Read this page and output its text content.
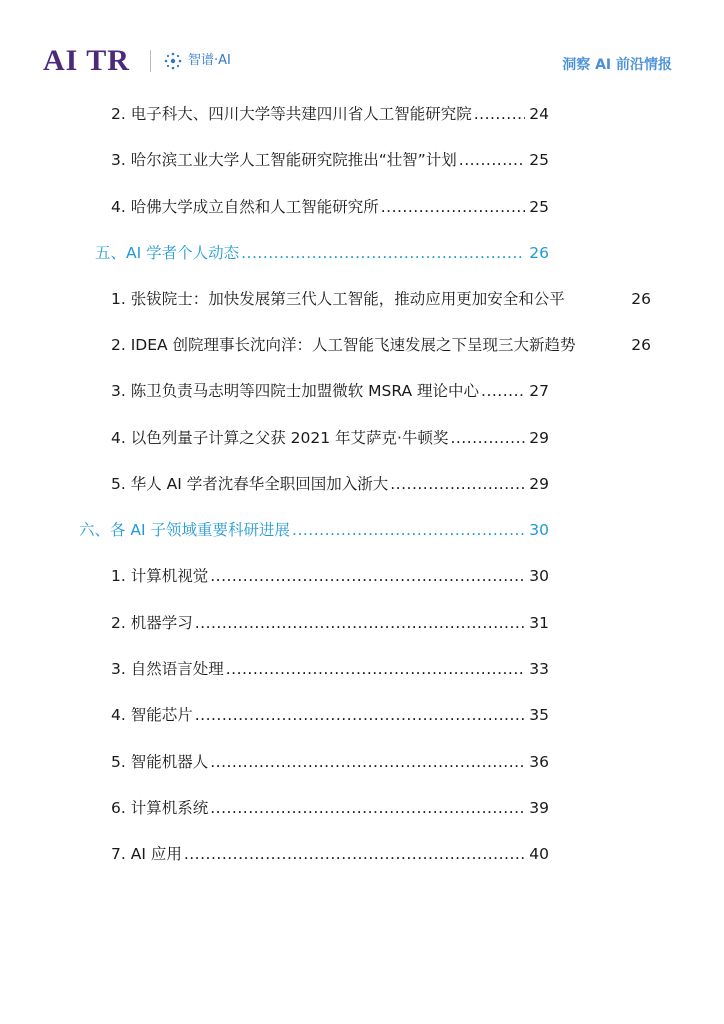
AI TR	智谱·AI	洞察 AI 前沿情报
2. 电子科大、四川大学等共建四川省人工智能研究院 .....	24
3. 哈尔滨工业大学人工智能研究院推出“壮智”计划 .....	25
4. 哈佛大学成立自然和人工智能研究所 .....	25
五、AI 学者个人动态 .....	26
1. 张钹院士：加快发展第三代人工智能，推动应用更加安全和公平	26
2. IDEA 创院理事长沈向洋：人工智能飞速发展之下呈现三大新趋势	26
3. 陈卫负责马志明等四院士加盟微软 MSRA 理论中心 .....	27
4. 以色列量子计算之父获 2021 年艾萨克·牛顿奖 .....	29
5. 华人 AI 学者沈春华全职回国加入浙大 .....	29
六、各 AI 子领域重要科研进展 .....	30
1. 计算机视觉 .....	30
2. 机器学习 .....	31
3. 自然语言处理 .....	33
4. 智能芯片 .....	35
5. 智能机器人 .....	36
6. 计算机系统 .....	39
7. AI 应用 .....	40
